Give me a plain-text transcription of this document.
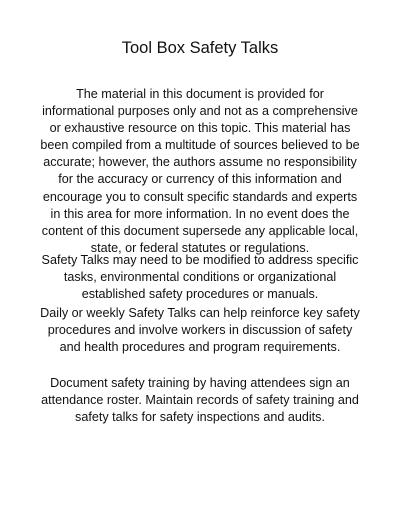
Tool Box Safety Talks

The material in this document is provided for informational purposes only and not as a comprehensive or exhaustive resource on this topic. This material has been compiled from a multitude of sources believed to be accurate; however, the authors assume no responsibility for the accuracy or currency of this information and encourage you to consult specific standards and experts in this area for more information. In no event does the content of this document supersede any applicable local, state, or federal statutes or regulations.

Safety Talks may need to be modified to address specific tasks, environmental conditions or organizational established safety procedures or manuals.

Daily or weekly Safety Talks can help reinforce key safety procedures and involve workers in discussion of safety and health procedures and program requirements.

Document safety training by having attendees sign an attendance roster. Maintain records of safety training and safety talks for safety inspections and audits.
